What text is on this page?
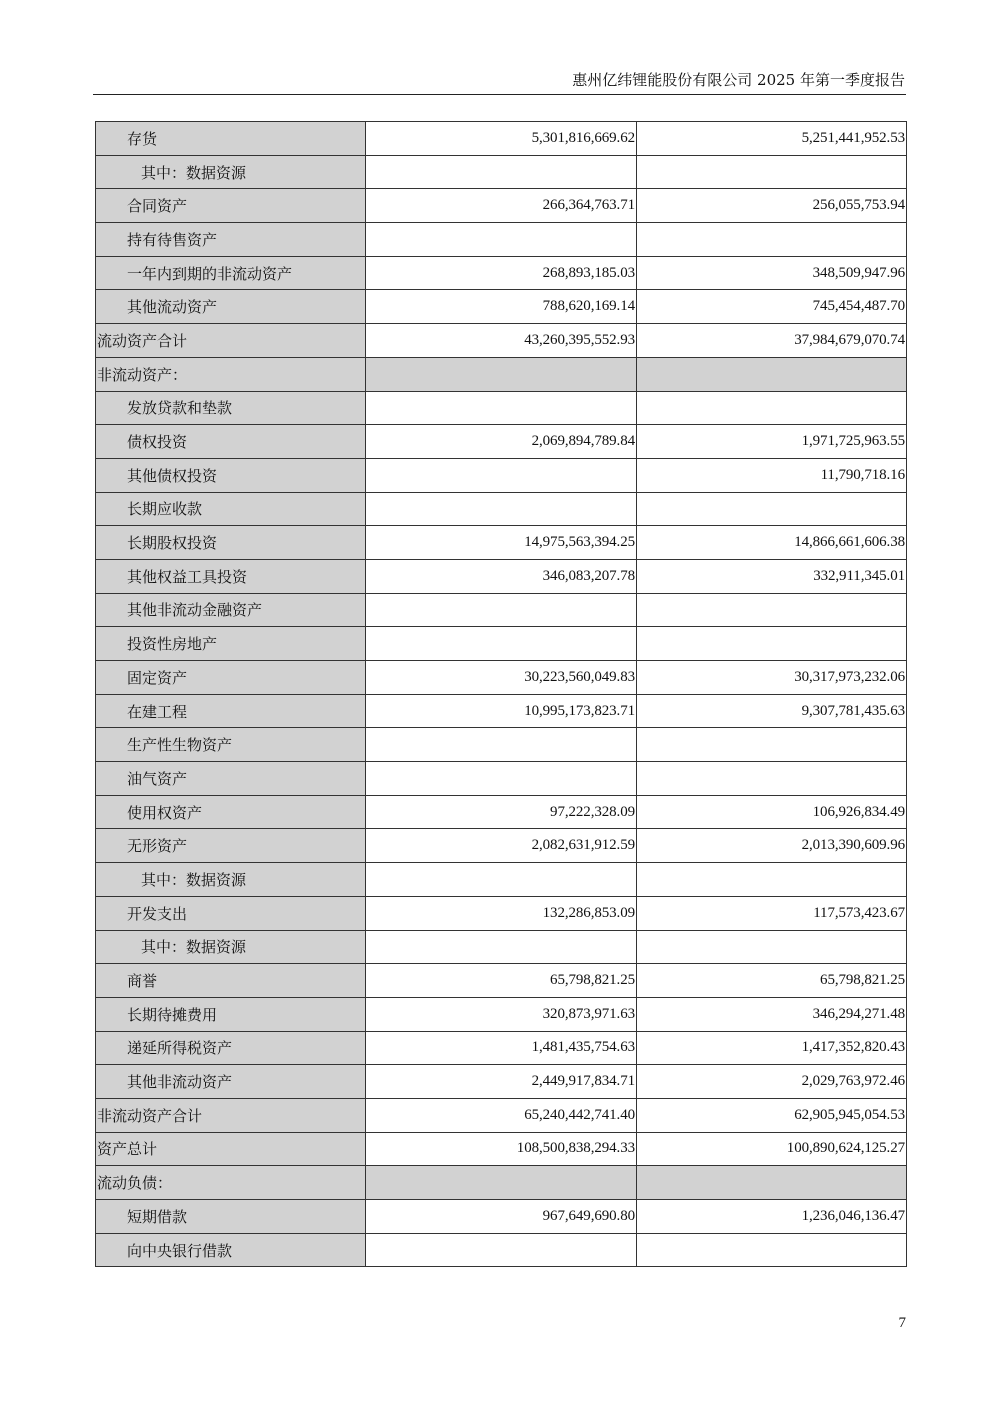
惠州亿纬锂能股份有限公司 2025 年第一季度报告
存货	5,301,816,669.62	5,251,441,952.53
其中：数据资源		
合同资产	266,364,763.71	256,055,753.94
持有待售资产		
一年内到期的非流动资产	268,893,185.03	348,509,947.96
其他流动资产	788,620,169.14	745,454,487.70
流动资产合计	43,260,395,552.93	37,984,679,070.74
非流动资产：		
发放贷款和垫款		
债权投资	2,069,894,789.84	1,971,725,963.55
其他债权投资		11,790,718.16
长期应收款		
长期股权投资	14,975,563,394.25	14,866,661,606.38
其他权益工具投资	346,083,207.78	332,911,345.01
其他非流动金融资产		
投资性房地产		
固定资产	30,223,560,049.83	30,317,973,232.06
在建工程	10,995,173,823.71	9,307,781,435.63
生产性生物资产		
油气资产		
使用权资产	97,222,328.09	106,926,834.49
无形资产	2,082,631,912.59	2,013,390,609.96
其中：数据资源		
开发支出	132,286,853.09	117,573,423.67
其中：数据资源		
商誉	65,798,821.25	65,798,821.25
长期待摊费用	320,873,971.63	346,294,271.48
递延所得税资产	1,481,435,754.63	1,417,352,820.43
其他非流动资产	2,449,917,834.71	2,029,763,972.46
非流动资产合计	65,240,442,741.40	62,905,945,054.53
资产总计	108,500,838,294.33	100,890,624,125.27
流动负债：		
短期借款	967,649,690.80	1,236,046,136.47
向中央银行借款		
7
